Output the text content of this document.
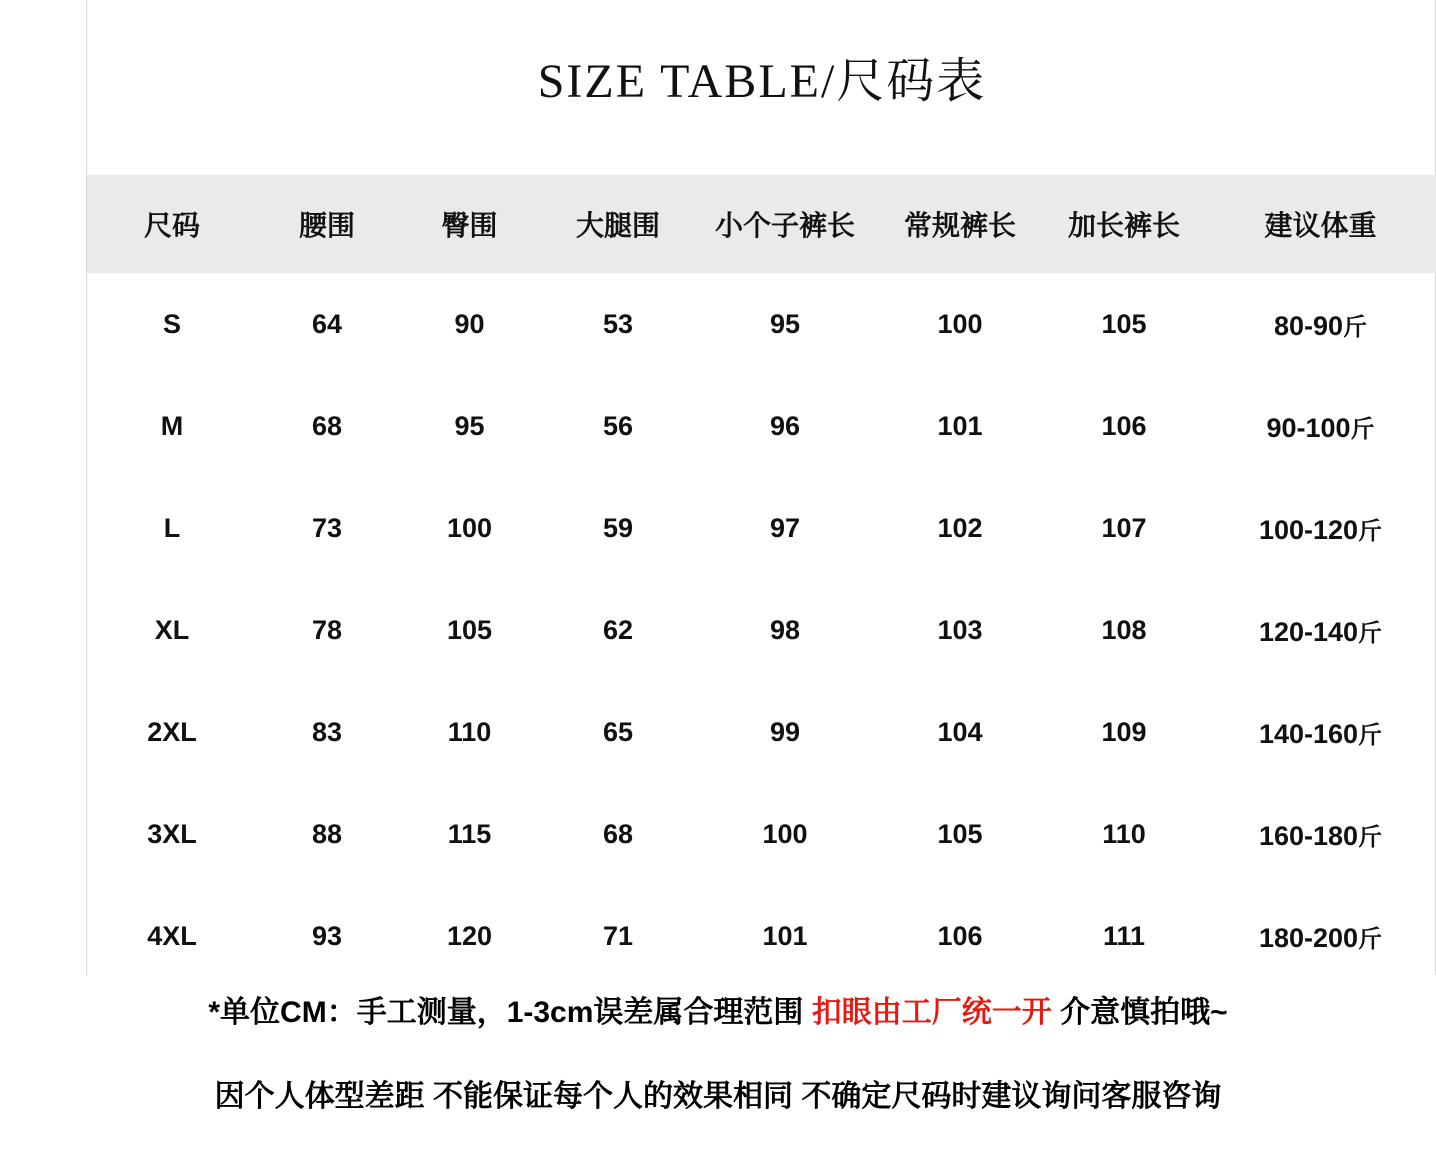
SIZE TABLE/尺码表
尺码	腰围	臀围	大腿围	小个子裤长	常规裤长	加长裤长	建议体重
S	64	90	53	95	100	105	80-90斤
M	68	95	56	96	101	106	90-100斤
L	73	100	59	97	102	107	100-120斤
XL	78	105	62	98	103	108	120-140斤
2XL	83	110	65	99	104	109	140-160斤
3XL	88	115	68	100	105	110	160-180斤
4XL	93	120	71	101	106	111	180-200斤
*单位CM：手工测量，1-3cm误差属合理范围 扣眼由工厂统一开 介意慎拍哦~
因个人体型差距 不能保证每个人的效果相同 不确定尺码时建议询问客服咨询
